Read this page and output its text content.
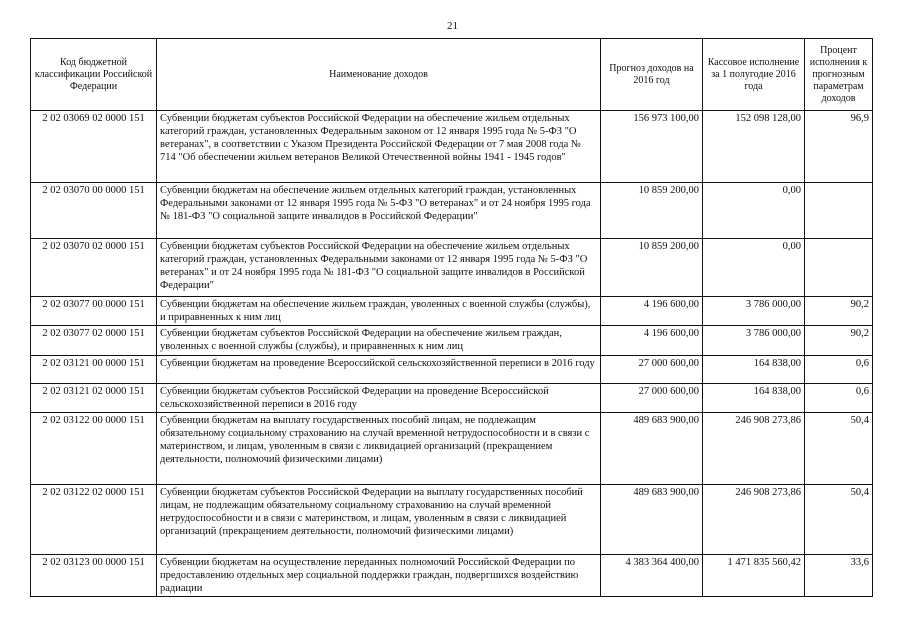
21
Код бюджетной классификации Российской Федерации	Наименование доходов	Прогноз доходов на 2016 год	Кассовое исполнение за 1 полугодие 2016 года	Процент исполнения к прогнозным параметрам доходов
2 02 03069 02 0000 151	Субвенции бюджетам субъектов Российской Федерации на обеспечение жильем отдельных категорий граждан, установленных Федеральным законом от 12 января 1995 года № 5-ФЗ "О ветеранах", в соответствии с Указом Президента Российской Федерации от 7 мая 2008 года № 714 "Об обеспечении жильем ветеранов Великой Отечественной войны 1941 - 1945 годов"	156 973 100,00	152 098 128,00	96,9
2 02 03070 00 0000 151	Субвенции бюджетам на обеспечение жильем отдельных категорий граждан, установленных Федеральными законами от 12 января 1995 года № 5-ФЗ "О ветеранах" и от 24 ноября 1995 года № 181-ФЗ "О социальной защите инвалидов в Российской Федерации"	10 859 200,00	0,00	
2 02 03070 02 0000 151	Субвенции бюджетам субъектов Российской Федерации на обеспечение жильем отдельных категорий граждан, установленных Федеральными законами от 12 января 1995 года № 5-ФЗ "О ветеранах" и от 24 ноября 1995 года № 181-ФЗ "О социальной защите инвалидов в Российской Федерации"	10 859 200,00	0,00	
2 02 03077 00 0000 151	Субвенции бюджетам на обеспечение жильем граждан, уволенных с военной службы (службы), и приравненных к ним лиц	4 196 600,00	3 786 000,00	90,2
2 02 03077 02 0000 151	Субвенции бюджетам субъектов Российской Федерации на обеспечение жильем граждан, уволенных с военной службы (службы), и приравненных к ним лиц	4 196 600,00	3 786 000,00	90,2
2 02 03121 00 0000 151	Субвенции бюджетам на проведение Всероссийской сельскохозяйственной переписи в 2016 году	27 000 600,00	164 838,00	0,6
2 02 03121 02 0000 151	Субвенции бюджетам субъектов Российской Федерации на проведение Всероссийской сельскохозяйственной переписи в 2016 году	27 000 600,00	164 838,00	0,6
2 02 03122 00 0000 151	Субвенции бюджетам на выплату государственных пособий лицам, не подлежащим обязательному социальному страхованию на случай временной нетрудоспособности и в связи с материнством, и лицам, уволенным в связи с ликвидацией организаций (прекращением деятельности, полномочий физическими лицами)	489 683 900,00	246 908 273,86	50,4
2 02 03122 02 0000 151	Субвенции бюджетам субъектов Российской Федерации на выплату государственных пособий лицам, не подлежащим обязательному социальному страхованию на случай временной нетрудоспособности и в связи с материнством, и лицам, уволенным в связи с ликвидацией организаций (прекращением деятельности, полномочий физическими лицами)	489 683 900,00	246 908 273,86	50,4
2 02 03123 00 0000 151	Субвенции бюджетам на осуществление переданных полномочий Российской Федерации по предоставлению отдельных мер социальной поддержки граждан, подвергшихся воздействию радиации	4 383 364 400,00	1 471 835 560,42	33,6
